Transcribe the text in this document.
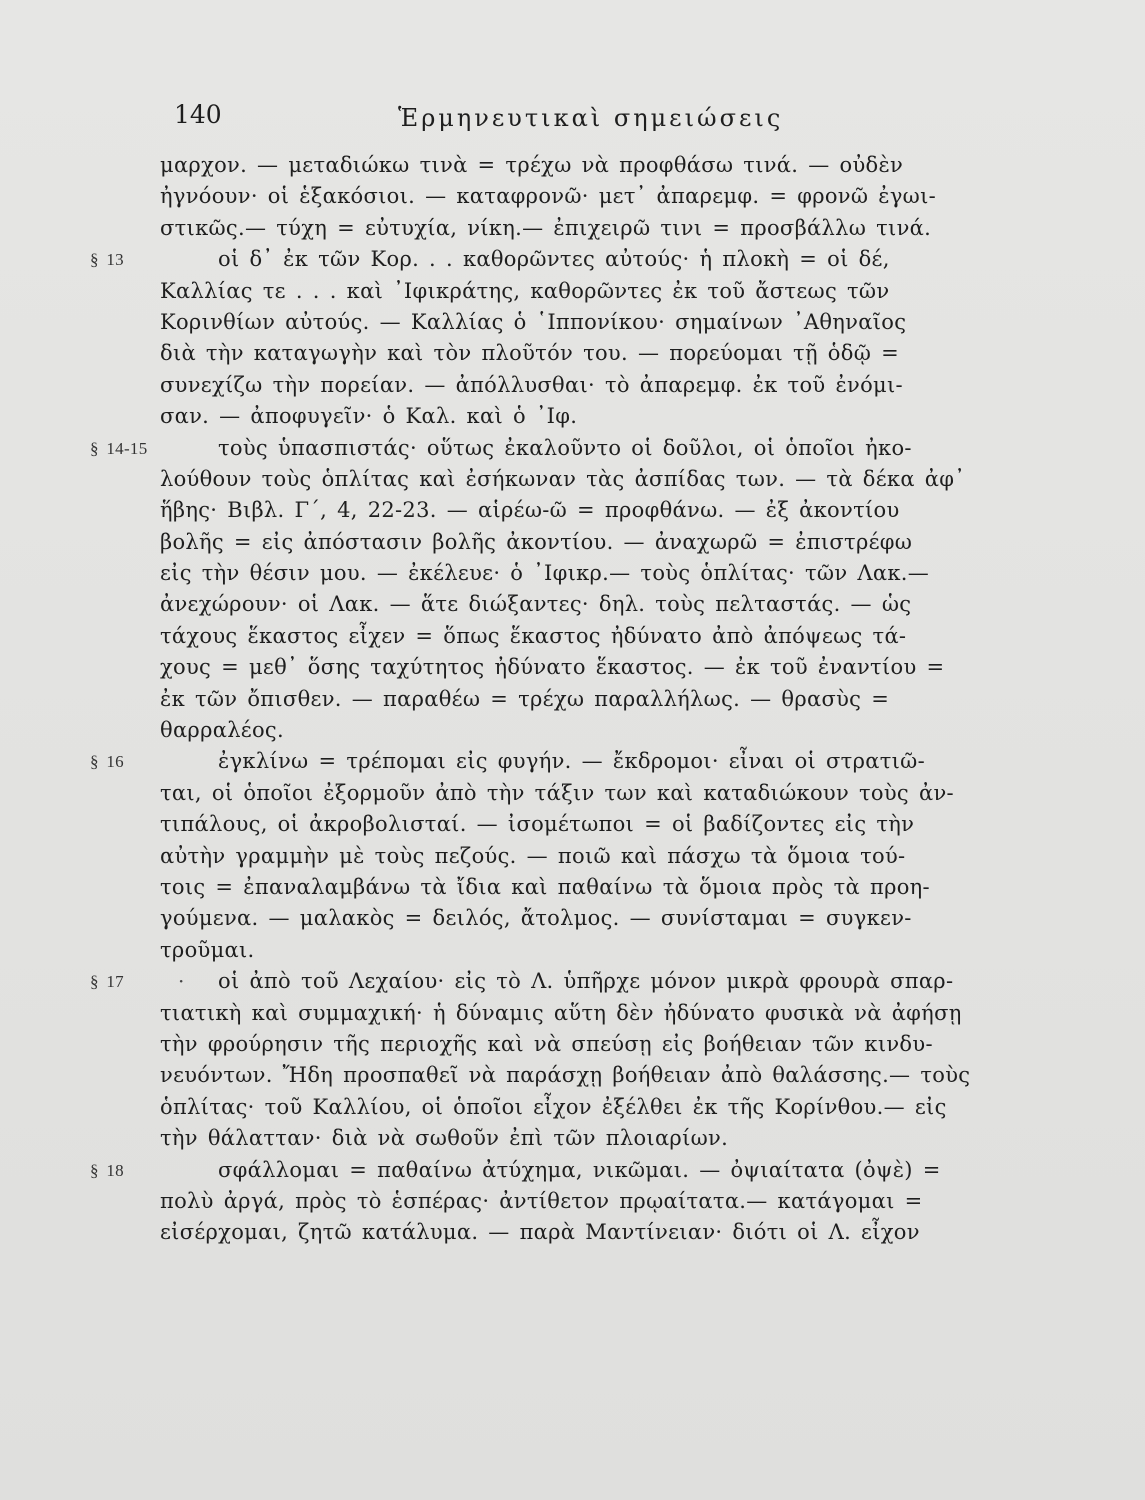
140	Ἑρμηνευτικαὶ σημειώσεις
μαρχον. — μεταδιώκω τινὰ = τρέχω νὰ προφθάσω τινά. — οὐδὲν
ἠγνόουν· οἱ ἑξακόσιοι. — καταφρονῶ· μετ᾽ ἀπαρεμφ. = φρονῶ ἐγωι-
στικῶς.— τύχη = εὐτυχία, νίκη.— ἐπιχειρῶ τινι = προσβάλλω τινά.
§ 13	οἱ δ᾽ ἐκ τῶν Κορ. . . καθορῶντες αὐτούς· ἡ πλοκὴ = οἱ δέ,
Καλλίας τε . . . καὶ ᾽Ιφικράτης, καθορῶντες ἐκ τοῦ ἄστεως τῶν
Κορινθίων αὐτούς. — Καλλίας ὁ ῾Ιππονίκου· σημαίνων ᾽Αθηναῖος
διὰ τὴν καταγωγὴν καὶ τὸν πλοῦτόν του. — πορεύομαι τῇ ὁδῷ =
συνεχίζω τὴν πορείαν. — ἀπόλλυσθαι· τὸ ἀπαρεμφ. ἐκ τοῦ ἐνόμι-
σαν. — ἀποφυγεῖν· ὁ Καλ. καὶ ὁ ᾽Ιφ.
§ 14-15	τοὺς ὑπασπιστάς· οὕτως ἐκαλοῦντο οἱ δοῦλοι, οἱ ὁποῖοι ἠκο-
λούθουν τοὺς ὁπλίτας καὶ ἐσήκωναν τὰς ἀσπίδας των. — τὰ δέκα ἀφ᾽
ἥβης· Βιβλ. Γ΄, 4, 22-23. — αἱρέω-ῶ = προφθάνω. — ἐξ ἀκοντίου
βολῆς = εἰς ἀπόστασιν βολῆς ἀκοντίου. — ἀναχωρῶ = ἐπιστρέφω
εἰς τὴν θέσιν μου. — ἐκέλευε· ὁ ᾽Ιφικρ.— τοὺς ὁπλίτας· τῶν Λακ.—
ἀνεχώρουν· οἱ Λακ. — ἅτε διώξαντες· δηλ. τοὺς πελταστάς. — ὡς
τάχους ἕκαστος εἶχεν = ὅπως ἕκαστος ἠδύνατο ἀπὸ ἀπόψεως τά-
χους = μεθ᾽ ὅσης ταχύτητος ἠδύνατο ἕκαστος. — ἐκ τοῦ ἐναντίου =
ἐκ τῶν ὄπισθεν. — παραθέω = τρέχω παραλλήλως. — θρασὺς =
θαρραλέος.
§ 16	ἐγκλίνω = τρέπομαι εἰς φυγήν. — ἔκδρομοι· εἶναι οἱ στρατιῶ-
ται, οἱ ὁποῖοι ἐξορμοῦν ἀπὸ τὴν τάξιν των καὶ καταδιώκουν τοὺς ἀν-
τιπάλους, οἱ ἀκροβολισταί. — ἰσομέτωποι = οἱ βαδίζοντες εἰς τὴν
αὐτὴν γραμμὴν μὲ τοὺς πεζούς. — ποιῶ καὶ πάσχω τὰ ὅμοια τού-
τοις = ἐπαναλαμβάνω τὰ ἴδια καὶ παθαίνω τὰ ὅμοια πρὸς τὰ προη-
γούμενα. — μαλακὸς = δειλός, ἄτολμος. — συνίσταμαι = συγκεν-
τροῦμαι.
§ 17	· οἱ ἀπὸ τοῦ Λεχαίου· εἰς τὸ Λ. ὑπῆρχε μόνον μικρὰ φρουρὰ σπαρ-
τιατικὴ καὶ συμμαχική· ἡ δύναμις αὕτη δὲν ἠδύνατο φυσικὰ νὰ ἀφήσῃ
τὴν φρούρησιν τῆς περιοχῆς καὶ νὰ σπεύσῃ εἰς βοήθειαν τῶν κινδυ-
νευόντων. Ἤδη προσπαθεῖ νὰ παράσχῃ βοήθειαν ἀπὸ θαλάσσης.— τοὺς
ὁπλίτας· τοῦ Καλλίου, οἱ ὁποῖοι εἶχον ἐξέλθει ἐκ τῆς Κορίνθου.— εἰς
τὴν θάλατταν· διὰ νὰ σωθοῦν ἐπὶ τῶν πλοιαρίων.
§ 18	σφάλλομαι = παθαίνω ἀτύχημα, νικῶμαι. — ὀψιαίτατα (ὀψὲ) =
πολὺ ἀργά, πρὸς τὸ ἑσπέρας· ἀντίθετον πρῳαίτατα.— κατάγομαι =
εἰσέρχομαι, ζητῶ κατάλυμα. — παρὰ Μαντίνειαν· διότι οἱ Λ. εἶχον
